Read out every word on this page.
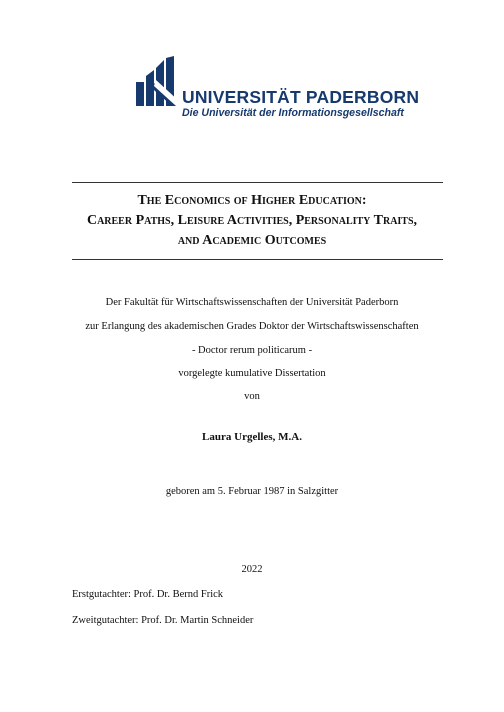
UNIVERSITÄT PADERBORN
Die Universität der Informationsgesellschaft
The Economics of Higher Education:
Career Paths, Leisure Activities, Personality Traits,
and Academic Outcomes
Der Fakultät für Wirtschaftswissenschaften der Universität Paderborn
zur Erlangung des akademischen Grades Doktor der Wirtschaftswissenschaften
- Doctor rerum politicarum -
vorgelegte kumulative Dissertation
von
Laura Urgelles, M.A.
geboren am 5. Februar 1987 in Salzgitter
2022
Erstgutachter: Prof. Dr. Bernd Frick
Zweitgutachter: Prof. Dr. Martin Schneider
